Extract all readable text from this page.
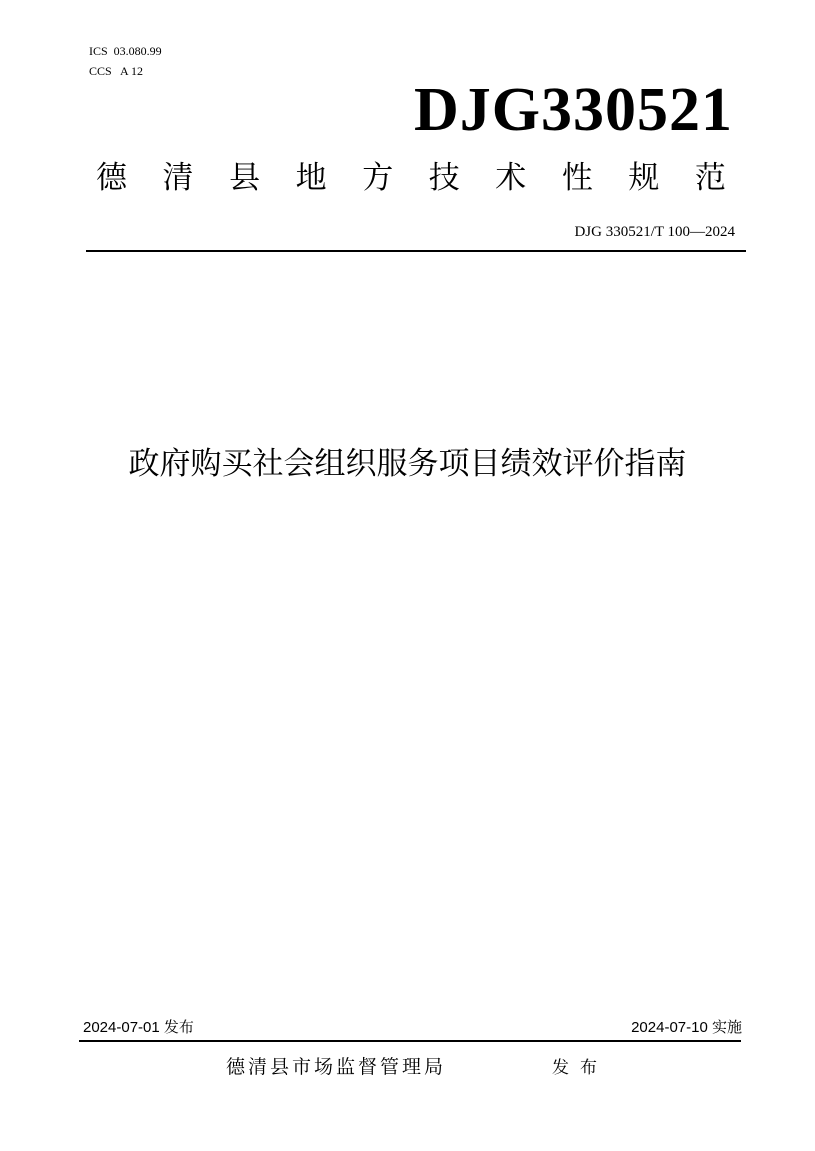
ICS  03.080.99
CCS   A 12
DJG330521
德 清 县 地 方 技 术 性 规 范
DJG 330521/T 100—2024
政府购买社会组织服务项目绩效评价指南
2024-07-01 发布	2024-07-10 实施
德清县市场监督管理局	发布
